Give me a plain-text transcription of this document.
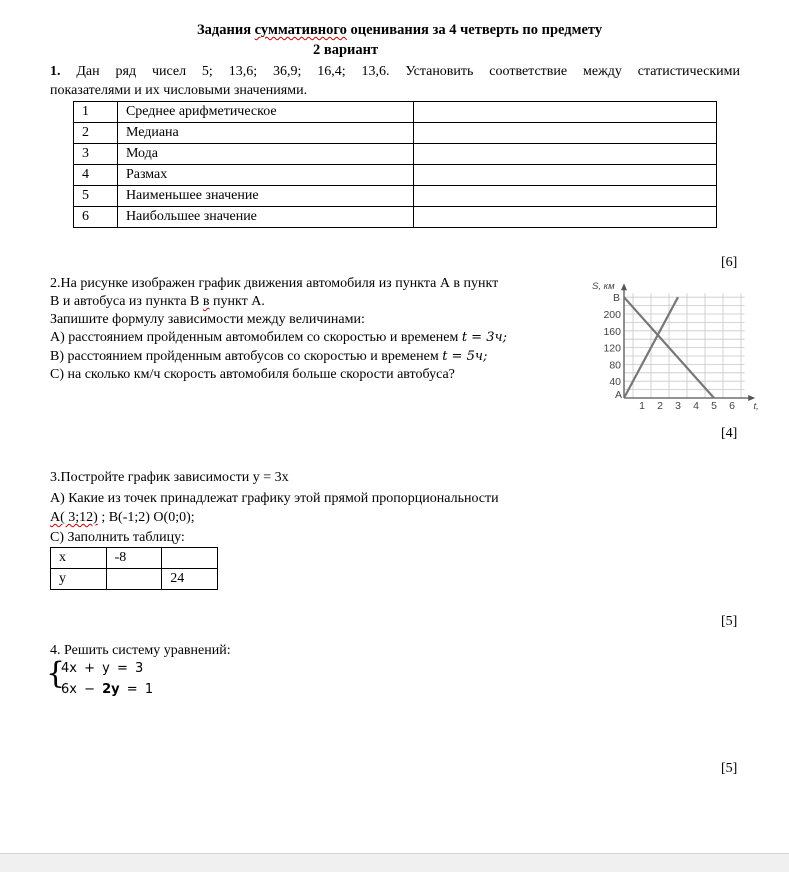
Задания суммативного оценивания за 4 четверть по предмету
2 вариант
1. Дан ряд чисел 5; 13,6; 36,9; 16,4; 13,6. Установить соответствие между статистическими
показателями и их числовыми значениями.
1	Среднее арифметическое	
2	Медиана	
3	Мода	
4	Размах	
5	Наименьшее значение	
6	Наибольшее значение	
[6]
2.На рисунке изображен график движения автомобиля из пункта А в пункт
В и автобуса из пункта В в пункт А.
Запишите формулу зависимости между величинами:
А) расстоянием пройденным автомобилем со скоростью и временем t = 3ч;
В) расстоянием пройденным автобусов со скоростью и временем t = 5ч;
С) на сколько км/ч скорость автомобиля больше скорости автобуса?
1 2 3 4 5 6
40
80
120
160
200
В
А
S, км
t,
[4]
3.Постройте график зависимости у = 3х
А) Какие из точек принадлежат графику этой прямой пропорциональности
А( 3;12) ; В(-1;2) О(0;0);
С) Заполнить таблицу:
х	-8	
у		24
[5]
4. Решить систему уравнений:
{
4x + y = 3
6x − 2y = 1
[5]
